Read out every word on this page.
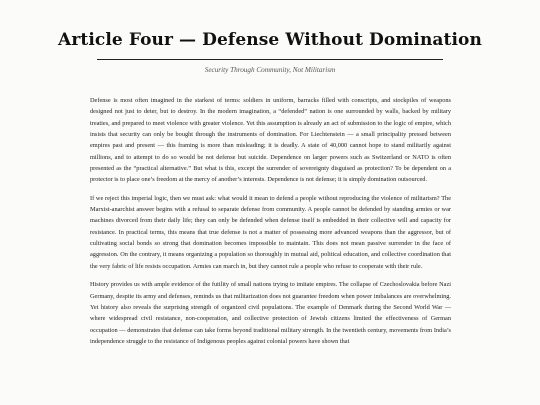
Article Four — Defense Without Domination
Security Through Community, Not Militarism

Defense is most often imagined in the starkest of terms: soldiers in uniform, barracks filled with conscripts, and stockpiles of weapons designed not just to deter, but to destroy. In the modern imagination, a “defended” nation is one surrounded by walls, backed by military treaties, and prepared to meet violence with greater violence. Yet this assumption is already an act of submission to the logic of empire, which insists that security can only be bought through the instruments of domination. For Liechtenstein — a small principality pressed between empires past and present — this framing is more than misleading; it is deadly. A state of 40,000 cannot hope to stand militarily against millions, and to attempt to do so would be not defense but suicide. Dependence on larger powers such as Switzerland or NATO is often presented as the “practical alternative.” But what is this, except the surrender of sovereignty disguised as protection? To be dependent on a protector is to place one’s freedom at the mercy of another’s interests. Dependence is not defense; it is simply domination outsourced.

If we reject this imperial logic, then we must ask: what would it mean to defend a people without reproducing the violence of militarism? The Marxist-anarchist answer begins with a refusal to separate defense from community. A people cannot be defended by standing armies or war machines divorced from their daily life; they can only be defended when defense itself is embedded in their collective will and capacity for resistance. In practical terms, this means that true defense is not a matter of possessing more advanced weapons than the aggressor, but of cultivating social bonds so strong that domination becomes impossible to maintain. This does not mean passive surrender in the face of aggression. On the contrary, it means organizing a population so thoroughly in mutual aid, political education, and collective coordination that the very fabric of life resists occupation. Armies can march in, but they cannot rule a people who refuse to cooperate with their rule.

History provides us with ample evidence of the futility of small nations trying to imitate empires. The collapse of Czechoslovakia before Nazi Germany, despite its army and defenses, reminds us that militarization does not guarantee freedom when power imbalances are overwhelming. Yet history also reveals the surprising strength of organized civil populations. The example of Denmark during the Second World War — where widespread civil resistance, non-cooperation, and collective protection of Jewish citizens limited the effectiveness of German occupation — demonstrates that defense can take forms beyond traditional military strength. In the twentieth century, movements from India’s independence struggle to the resistance of Indigenous peoples against colonial powers have shown that
